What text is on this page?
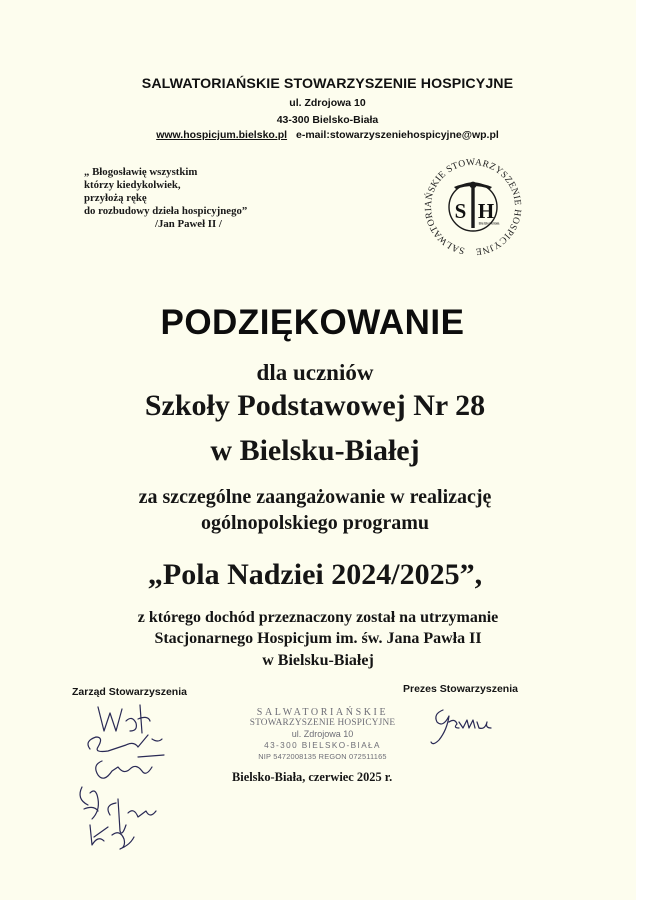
SALWATORIAŃSKIE STOWARZYSZENIE HOSPICYJNE

ul. Zdrojowa 10

43-300 Bielsko-Biała

www.hospicjum.bielsko.pl e-mail:stowarzyszeniehospicyjne@wp.pl

„ Błogosławię wszystkim
którzy kiedykolwiek,
przyłożą rękę
do rozbudowy dzieła hospicyjnego”
/Jan Paweł II /
SALWATORIAŃSKIE STOWARZYSZENIE HOSPICYJNE
S H
Bielsko-Biała
PODZIĘKOWANIE

dla uczniów

Szkoły Podstawowej Nr 28

w Bielsku-Białej

za szczególne zaangażowanie w realizację

ogólnopolskiego programu

„Pola Nadziei 2024/2025”,

z którego dochód przeznaczony został na utrzymanie

Stacjonarnego Hospicjum im. św. Jana Pawła II

w Bielsku-Białej

Zarząd Stowarzyszenia	Prezes Stowarzyszenia

SALWATORIAŃSKIE
STOWARZYSZENIE HOSPICYJNE
ul. Zdrojowa 10
43-300 BIELSKO-BIAŁA
NIP 5472008135 REGON 072511165

Bielsko-Biała, czerwiec 2025 r.
